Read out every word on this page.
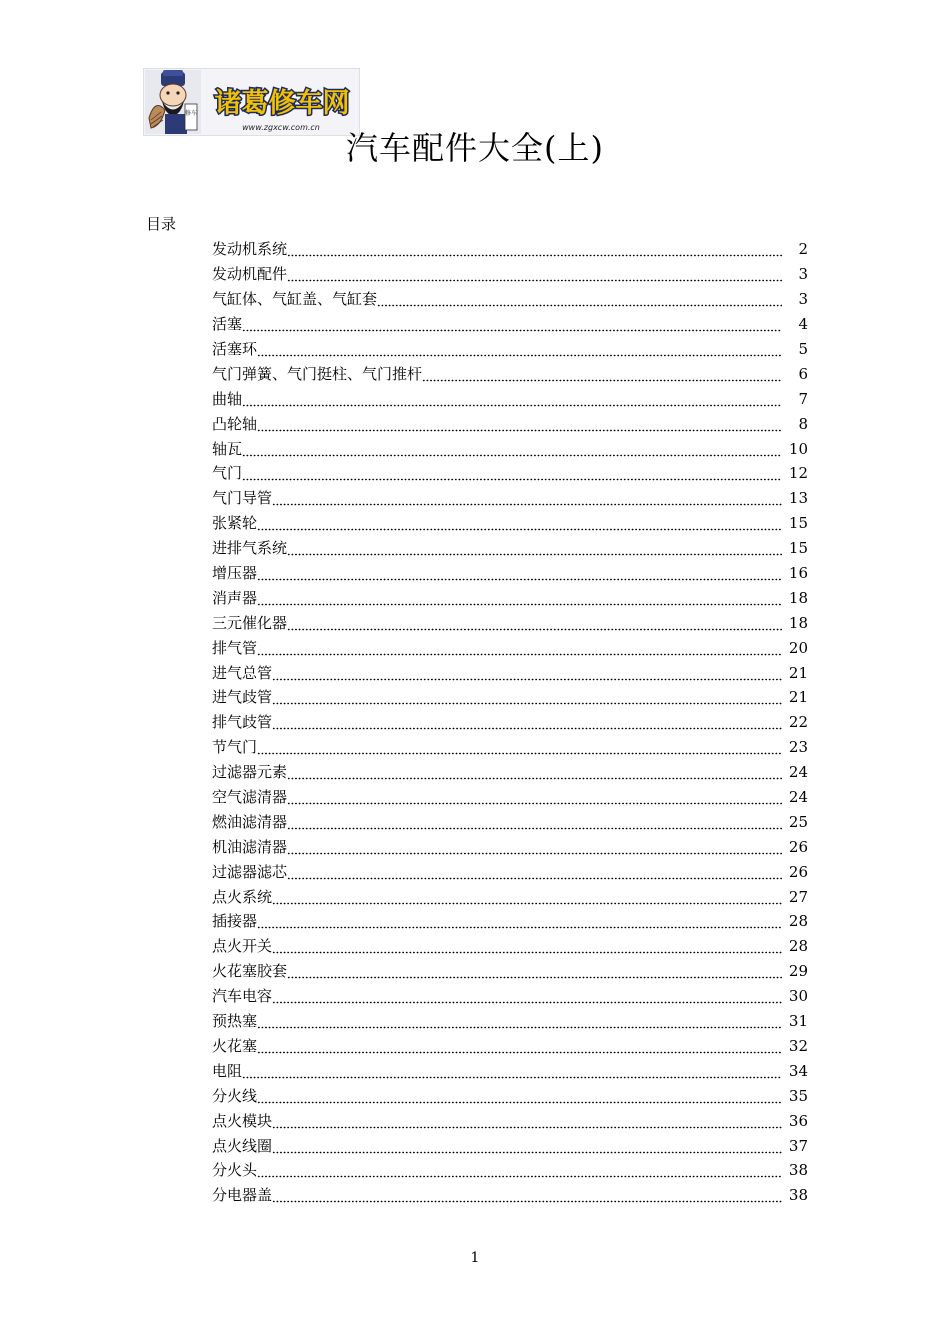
修车 诸葛修车网
www.zgxcw.com.cn
汽车配件大全(上)
目录
发动机系统	2
发动机配件	3
气缸体、气缸盖、气缸套	3
活塞	4
活塞环	5
气门弹簧、气门挺柱、气门推杆	6
曲轴	7
凸轮轴	8
轴瓦	10
气门	12
气门导管	13
张紧轮	15
进排气系统	15
增压器	16
消声器	18
三元催化器	18
排气管	20
进气总管	21
进气歧管	21
排气歧管	22
节气门	23
过滤器元素	24
空气滤清器	24
燃油滤清器	25
机油滤清器	26
过滤器滤芯	26
点火系统	27
插接器	28
点火开关	28
火花塞胶套	29
汽车电容	30
预热塞	31
火花塞	32
电阻	34
分火线	35
点火模块	36
点火线圈	37
分火头	38
分电器盖	38
1
